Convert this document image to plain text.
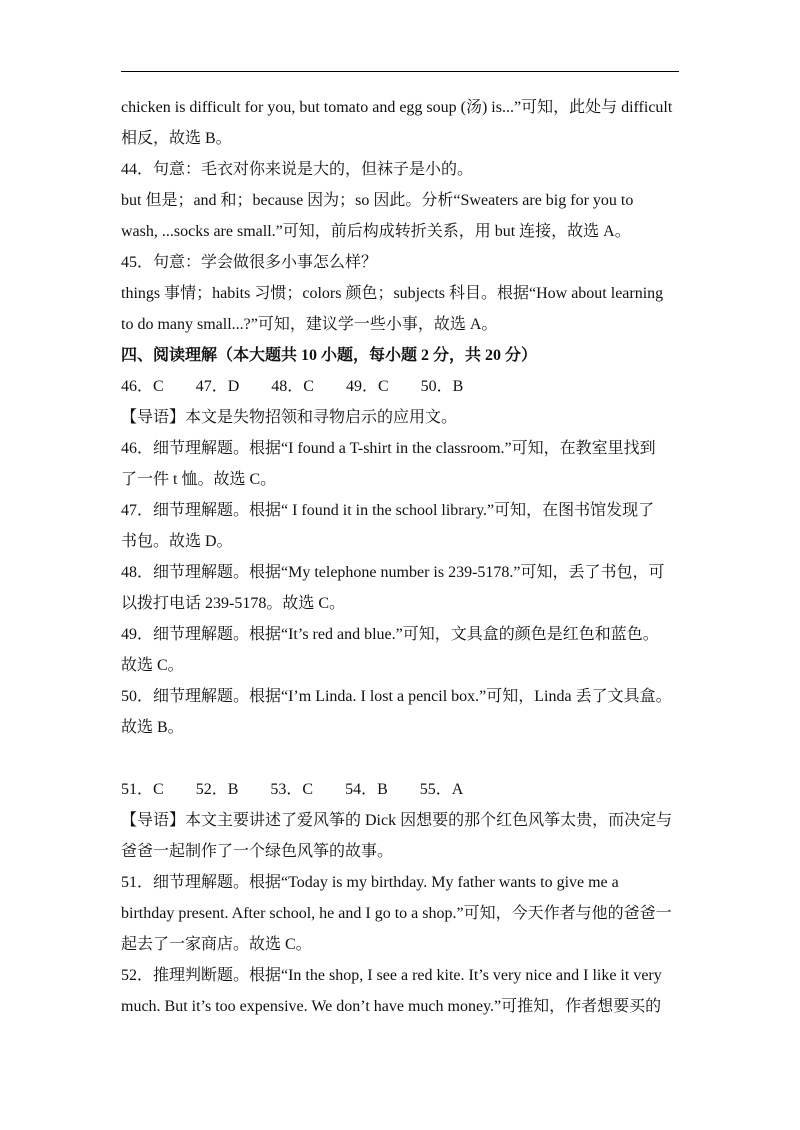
chicken is difficult for you, but tomato and egg soup (汤) is...”可知，此处与 difficult
相反，故选 B。
44．句意：毛衣对你来说是大的，但袜子是小的。
but 但是；and 和；because 因为；so 因此。分析“Sweaters are big for you to
wash, ...socks are small.”可知，前后构成转折关系，用 but 连接，故选 A。
45．句意：学会做很多小事怎么样？
things 事情；habits 习惯；colors 颜色；subjects 科目。根据“How about learning
to do many small...?”可知，建议学一些小事，故选 A。
四、阅读理解（本大题共 10 小题，每小题 2 分，共 20 分）
46．C 47．D 48．C 49．C 50．B
【导语】本文是失物招领和寻物启示的应用文。
46．细节理解题。根据“I found a T-shirt in the classroom.”可知，在教室里找到
了一件 t 恤。故选 C。
47．细节理解题。根据“ I found it in the school library.”可知，在图书馆发现了
书包。故选 D。
48．细节理解题。根据“My telephone number is 239-5178.”可知，丢了书包，可
以拨打电话 239-5178。故选 C。
49．细节理解题。根据“It’s red and blue.”可知，文具盒的颜色是红色和蓝色。
故选 C。
50．细节理解题。根据“I’m Linda. I lost a pencil box.”可知，Linda 丢了文具盒。
故选 B。
51．C 52．B 53．C 54．B 55．A
【导语】本文主要讲述了爱风筝的 Dick 因想要的那个红色风筝太贵，而决定与
爸爸一起制作了一个绿色风筝的故事。
51．细节理解题。根据“Today is my birthday. My father wants to give me a
birthday present. After school, he and I go to a shop.”可知，今天作者与他的爸爸一
起去了一家商店。故选 C。
52．推理判断题。根据“In the shop, I see a red kite. It’s very nice and I like it very
much. But it’s too expensive. We don’t have much money.”可推知，作者想要买的
